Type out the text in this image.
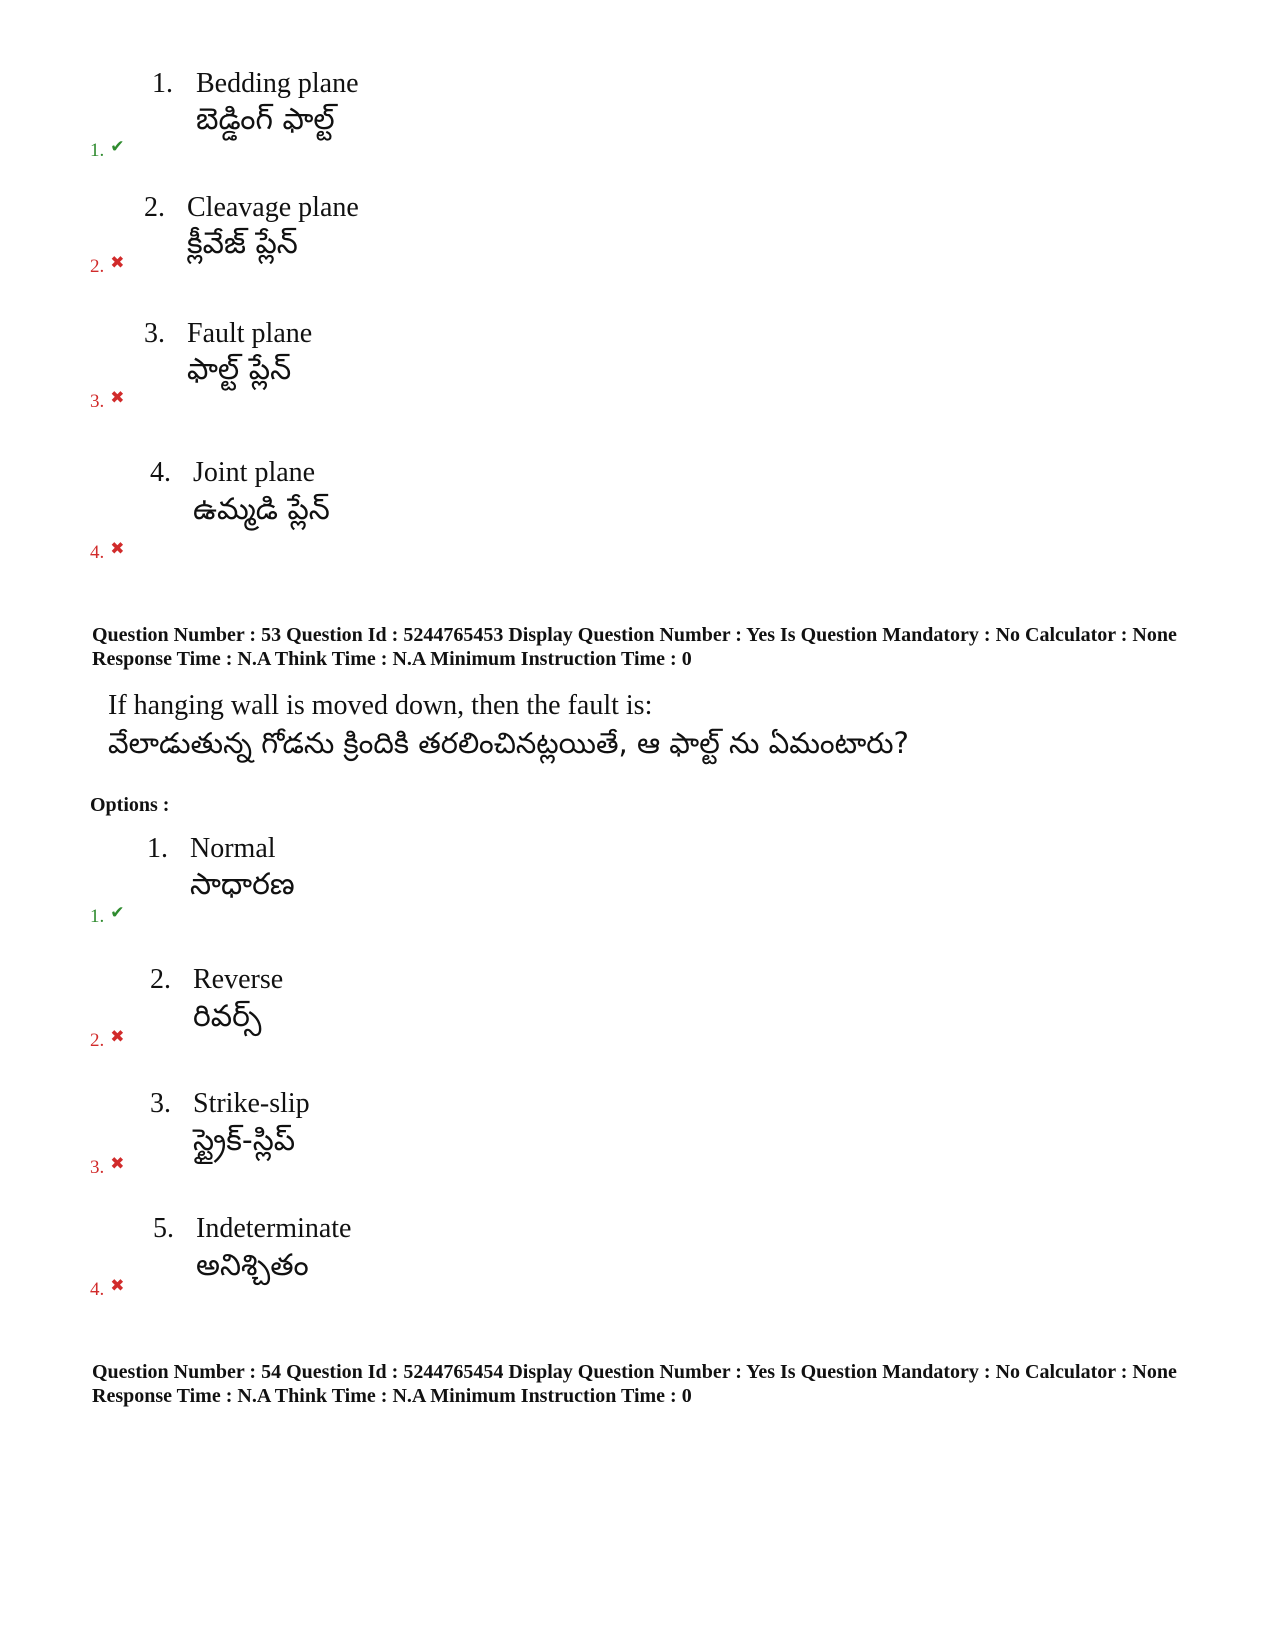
1. Bedding plane
బెడ్డింగ్ ఫాల్ట్
1. ✔
2. Cleavage plane
క్లీవేజ్ ప్లేన్
2. ✖
3. Fault plane
ఫాల్ట్ ప్లేన్
3. ✖
4. Joint plane
ఉమ్మడి ప్లేన్
4. ✖
Question Number : 53 Question Id : 5244765453 Display Question Number : Yes Is Question Mandatory : No Calculator : None Response Time : N.A Think Time : N.A Minimum Instruction Time : 0
If hanging wall is moved down, then the fault is:
వేలాడుతున్న గోడను క్రిందికి తరలించినట్లయితే, ఆ ఫాల్ట్ ను ఏమంటారు?
Options :
1. Normal
సాధారణ
1. ✔
2. Reverse
రివర్స్
2. ✖
3. Strike-slip
స్ట్రైక్-స్లిప్
3. ✖
5. Indeterminate
అనిశ్చితం
4. ✖
Question Number : 54 Question Id : 5244765454 Display Question Number : Yes Is Question Mandatory : No Calculator : None Response Time : N.A Think Time : N.A Minimum Instruction Time : 0
